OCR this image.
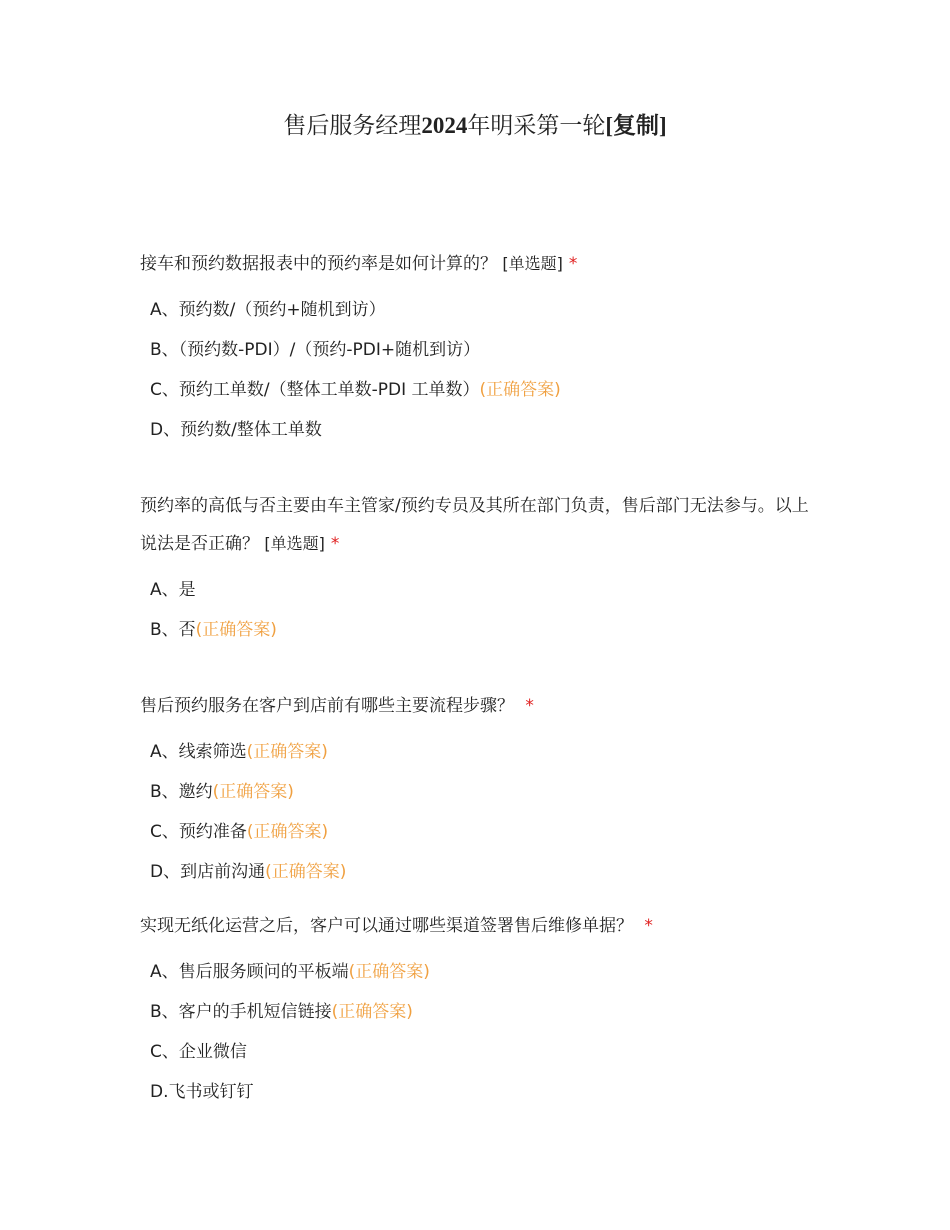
售后服务经理2024年明采第一轮[复制]
接车和预约数据报表中的预约率是如何计算的？ [单选题] *
A、预约数/（预约+随机到访）
B、（预约数-PDI）/（预约-PDI+随机到访）
C、预约工单数/（整体工单数-PDI 工单数）(正确答案)
D、预约数/整体工单数
预约率的高低与否主要由车主管家/预约专员及其所在部门负责，售后部门无法参与。以上说法是否正确？ [单选题] *
A、是
B、否(正确答案)
售后预约服务在客户到店前有哪些主要流程步骤？ *
A、线索筛选(正确答案)
B、邀约(正确答案)
C、预约准备(正确答案)
D、到店前沟通(正确答案)
实现无纸化运营之后，客户可以通过哪些渠道签署售后维修单据？ *
A、售后服务顾问的平板端(正确答案)
B、客户的手机短信链接(正确答案)
C、企业微信
D.飞书或钉钉
